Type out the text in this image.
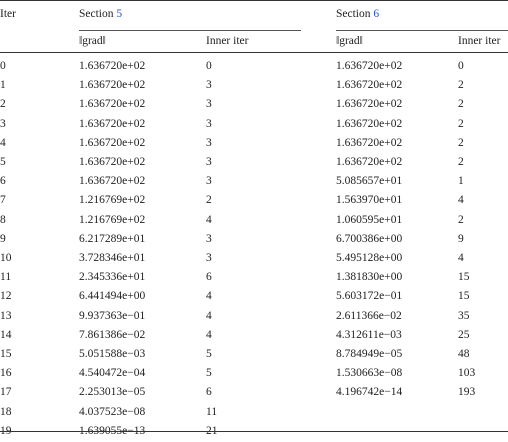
Iter	Section 5	Section 6
‖grad‖	Inner iter	‖grad‖	Inner iter
0	1.636720e+02	0	1.636720e+02	0
1	1.636720e+02	3	1.636720e+02	2
2	1.636720e+02	3	1.636720e+02	2
3	1.636720e+02	3	1.636720e+02	2
4	1.636720e+02	3	1.636720e+02	2
5	1.636720e+02	3	1.636720e+02	2
6	1.636720e+02	3	5.085657e+01	1
7	1.216769e+02	2	1.563970e+01	4
8	1.216769e+02	4	1.060595e+01	2
9	6.217289e+01	3	6.700386e+00	9
10	3.728346e+01	3	5.495128e+00	4
11	2.345336e+01	6	1.381830e+00	15
12	6.441494e+00	4	5.603172e−01	15
13	9.937363e−01	4	2.611366e−02	35
14	7.861386e−02	4	4.312611e−03	25
15	5.051588e−03	5	8.784949e−05	48
16	4.540472e−04	5	1.530663e−08	103
17	2.253013e−05	6	4.196742e−14	193
18	4.037523e−08	11
19	1.639055e−13	21
